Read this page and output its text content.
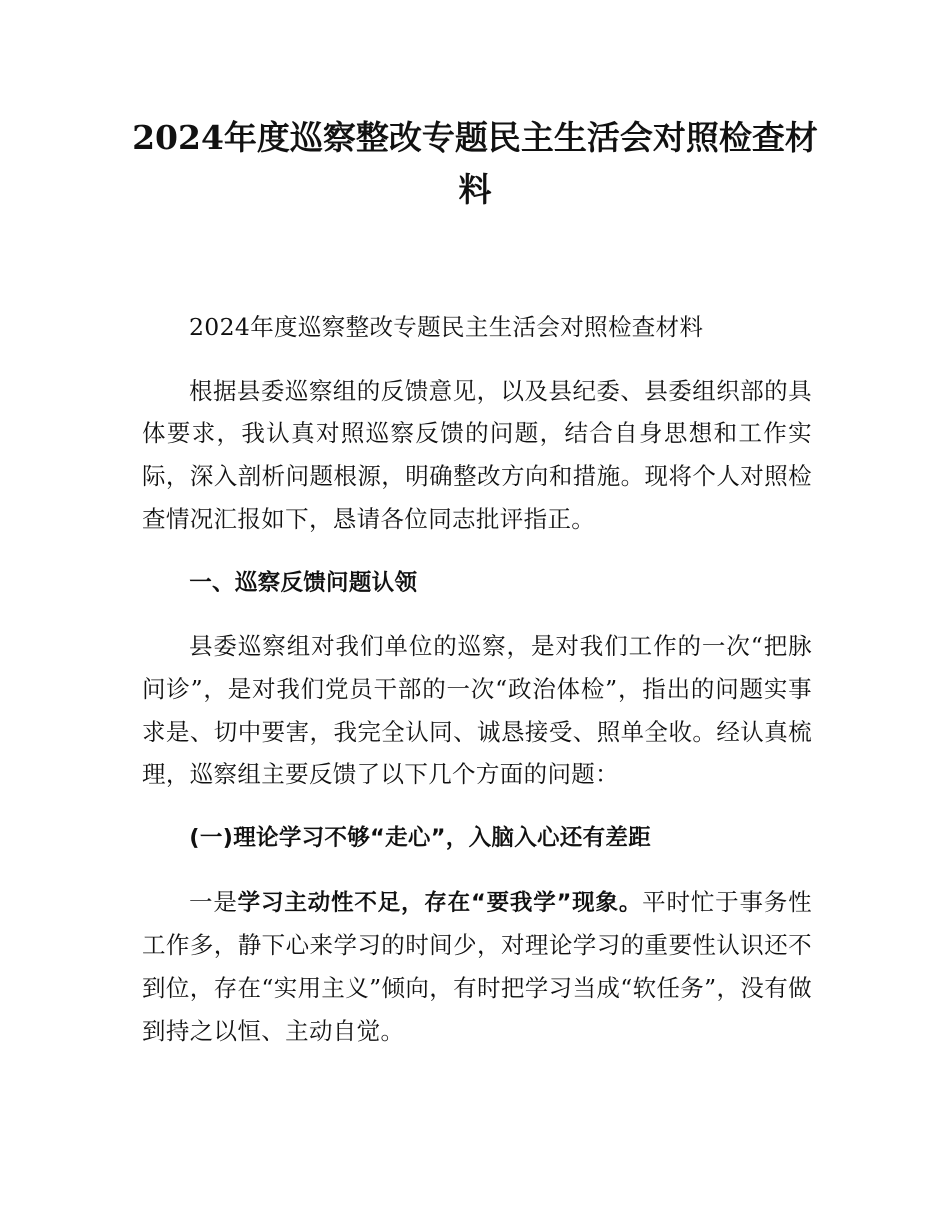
2024年度巡察整改专题民主生活会对照检查材料

2024年度巡察整改专题民主生活会对照检查材料

根据县委巡察组的反馈意见，以及县纪委、县委组织部的具体要求，我认真对照巡察反馈的问题，结合自身思想和工作实际，深入剖析问题根源，明确整改方向和措施。现将个人对照检查情况汇报如下，恳请各位同志批评指正。

一、巡察反馈问题认领

县委巡察组对我们单位的巡察，是对我们工作的一次“把脉问诊”，是对我们党员干部的一次“政治体检”，指出的问题实事求是、切中要害，我完全认同、诚恳接受、照单全收。经认真梳理，巡察组主要反馈了以下几个方面的问题：

(一)理论学习不够“走心”，入脑入心还有差距

一是学习主动性不足，存在“要我学”现象。平时忙于事务性工作多，静下心来学习的时间少，对理论学习的重要性认识还不到位，存在“实用主义”倾向，有时把学习当成“软任务”，没有做到持之以恒、主动自觉。
